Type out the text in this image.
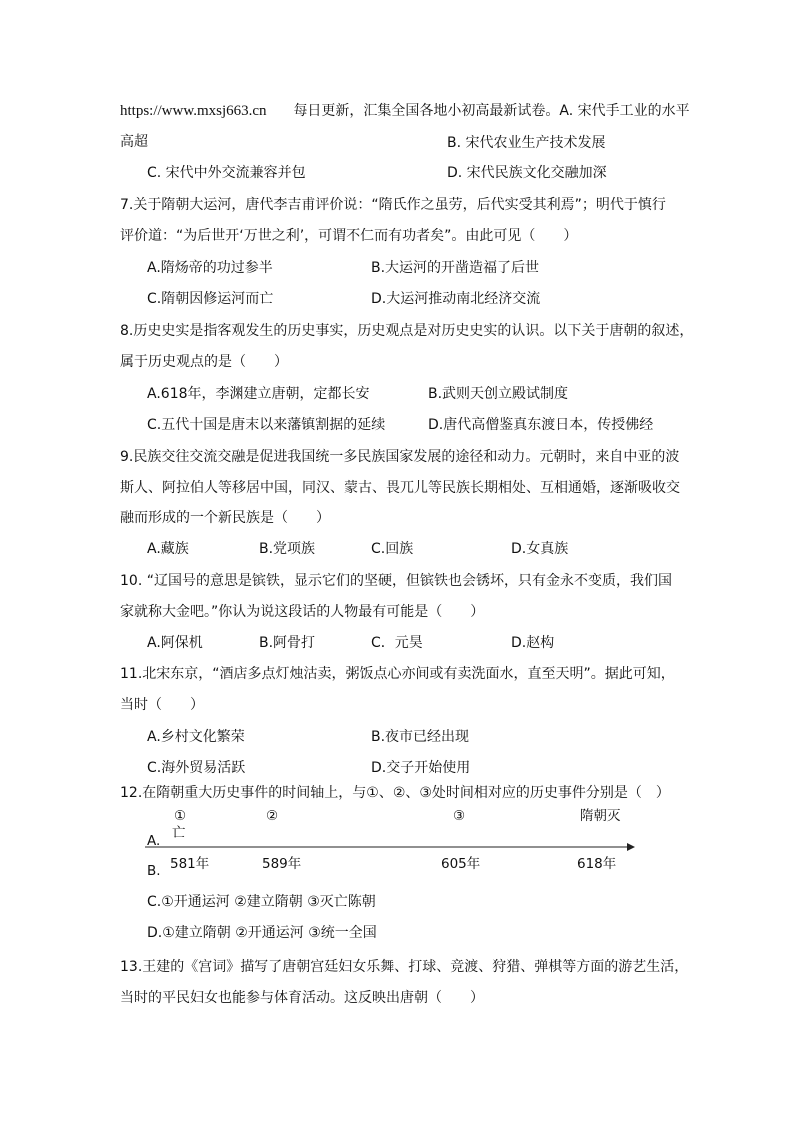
https://www.mxsj663.cn 每日更新，汇集全国各地小初高最新试卷。A. 宋代手工业的水平
高超	B. 宋代农业生产技术发展
C. 宋代中外交流兼容并包	D. 宋代民族文化交融加深
7.关于隋朝大运河，唐代李吉甫评价说：“隋氏作之虽劳，后代实受其利焉”；明代于慎行
评价道：“为后世开‘万世之利’，可谓不仁而有功者矣”。由此可见（　　）
A.隋炀帝的功过参半	B.大运河的开凿造福了后世
C.隋朝因修运河而亡	D.大运河推动南北经济交流
8.历史史实是指客观发生的历史事实，历史观点是对历史史实的认识。以下关于唐朝的叙述，
属于历史观点的是（　　）
A.618年，李渊建立唐朝，定都长安	B.武则天创立殿试制度
C.五代十国是唐末以来藩镇割据的延续	D.唐代高僧鉴真东渡日本，传授佛经
9.民族交往交流交融是促进我国统一多民族国家发展的途径和动力。元朝时，来自中亚的波
斯人、阿拉伯人等移居中国，同汉、蒙古、畏兀儿等民族长期相处、互相通婚，逐渐吸收交
融而形成的一个新民族是（　　）
A.藏族	B.党项族	C.回族	D.女真族
10. “辽国号的意思是镔铁，显示它们的坚硬，但镔铁也会锈坏，只有金永不变质，我们国
家就称大金吧。”你认为说这段话的人物最有可能是（　　）
A.阿保机	B.阿骨打	C．元昊	D.赵构
11.北宋东京，“酒店多点灯烛沽卖，粥饭点心亦间或有卖洗面水，直至天明”。据此可知，
当时（　　）
A.乡村文化繁荣	B.夜市已经出现
C.海外贸易活跃	D.交子开始使用
12.在隋朝重大历史事件的时间轴上，与①、②、③处时间相对应的历史事件分别是（　）
①	②	③	隋朝灭
亡
A.
581年	589年	605年	618年
B.
C.①开通运河 ②建立隋朝 ③灭亡陈朝
D.①建立隋朝 ②开通运河 ③统一全国
13.王建的《宫词》描写了唐朝宫廷妇女乐舞、打球、竞渡、狩猎、弹棋等方面的游艺生活，
当时的平民妇女也能参与体育活动。这反映出唐朝（　　）
